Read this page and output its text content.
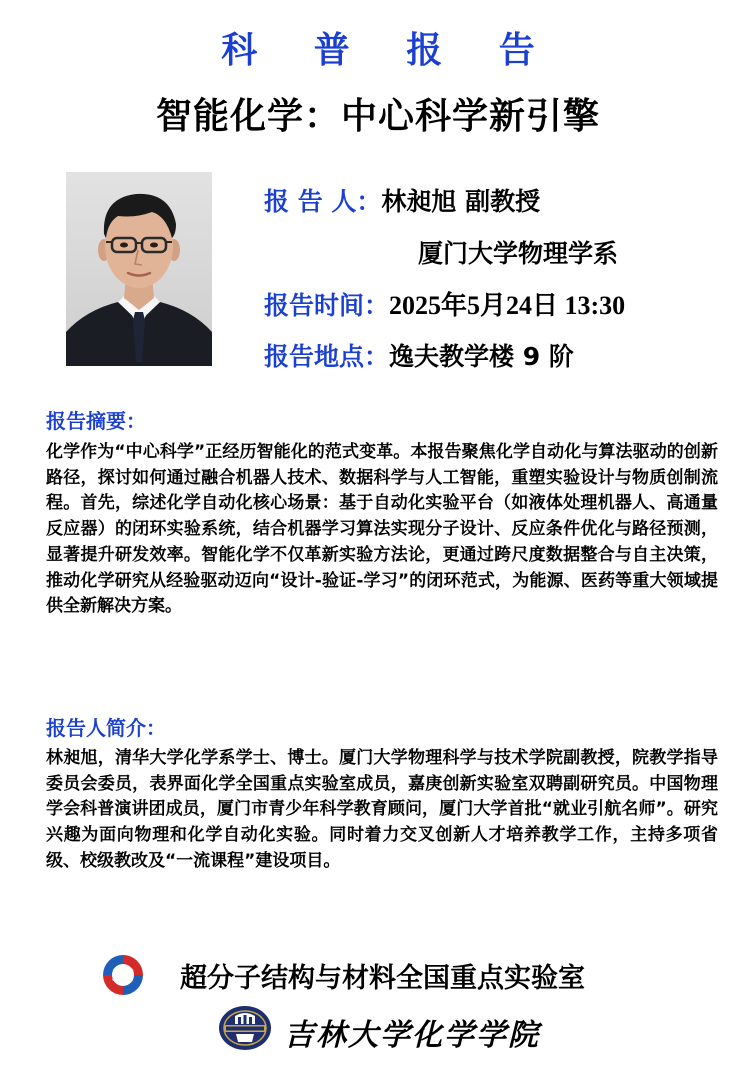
科 普 报 告
智能化学：中心科学新引擎
报 告 人：林昶旭 副教授
厦门大学物理学系
报告时间：2025年5月24日 13:30
报告地点：逸夫教学楼 9 阶
报告摘要：
化学作为“中心科学”正经历智能化的范式变革。本报告聚焦化学自动化与算法驱动的创新路径，探讨如何通过融合机器人技术、数据科学与人工智能，重塑实验设计与物质创制流程。首先，综述化学自动化核心场景：基于自动化实验平台（如液体处理机器人、高通量反应器）的闭环实验系统，结合机器学习算法实现分子设计、反应条件优化与路径预测，显著提升研发效率。智能化学不仅革新实验方法论，更通过跨尺度数据整合与自主决策，推动化学研究从经验驱动迈向“设计-验证-学习”的闭环范式，为能源、医药等重大领域提供全新解决方案。
报告人简介：
林昶旭，清华大学化学系学士、博士。厦门大学物理科学与技术学院副教授，院教学指导委员会委员，表界面化学全国重点实验室成员，嘉庚创新实验室双聘副研究员。中国物理学会科普演讲团成员，厦门市青少年科学教育顾问，厦门大学首批“就业引航名师”。研究兴趣为面向物理和化学自动化实验。同时着力交叉创新人才培养教学工作，主持多项省级、校级教改及“一流课程”建设项目。
超分子结构与材料全国重点实验室
吉林大学化学学院
